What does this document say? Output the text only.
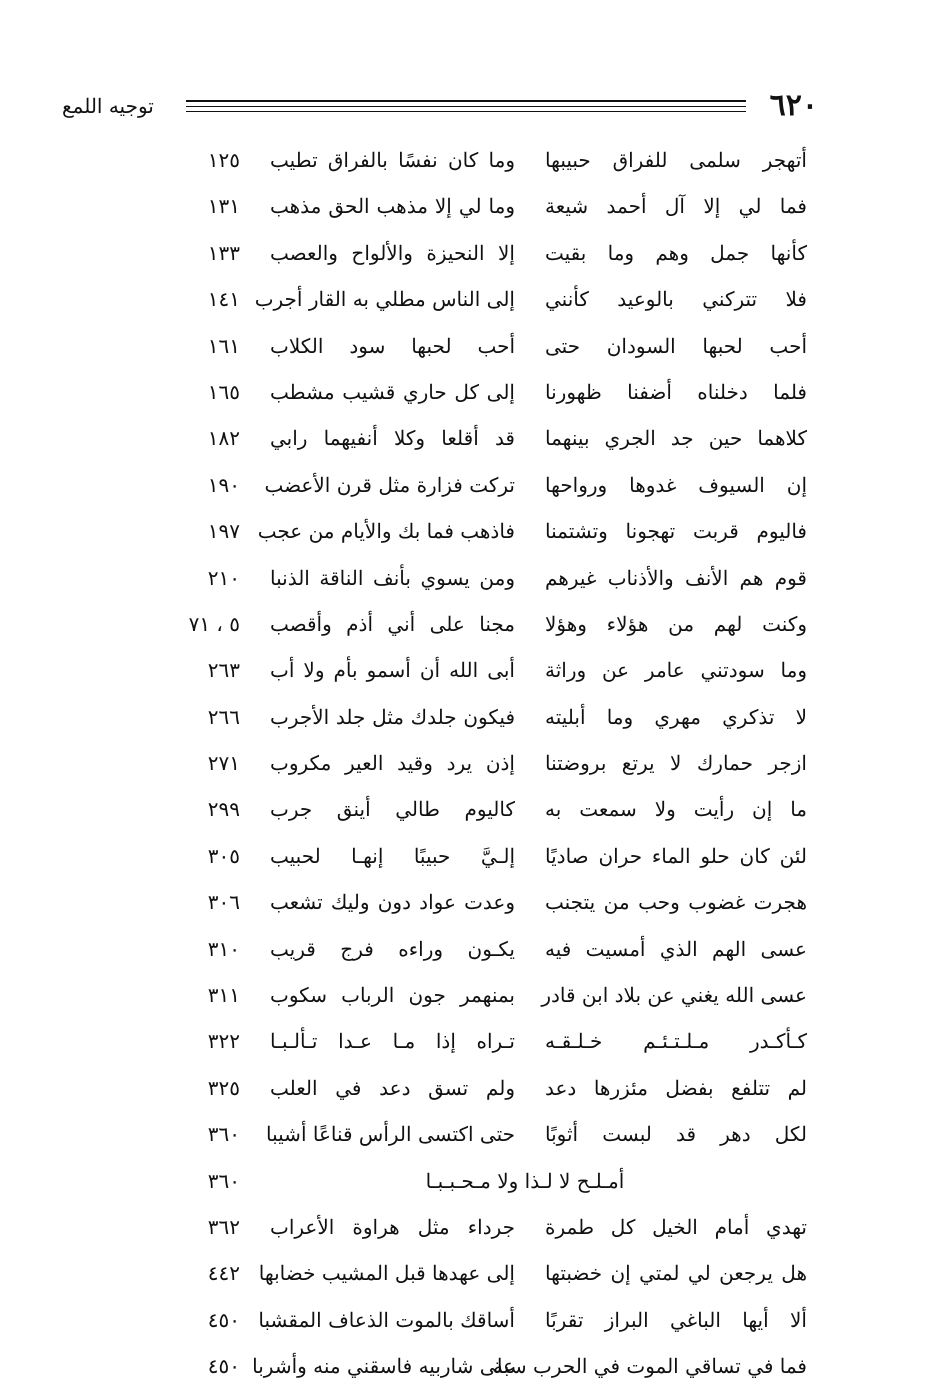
٦٢٠
توجيه اللمع
أتهجر سلمى للفراق حبيبها
وما كان نفسًا بالفراق تطيب
١٢٥
فما لي إلا آل أحمد شيعة
وما لي إلا مذهب الحق مذهب
١٣١
كأنها جمل وهم وما بقيت
إلا النحيزة والألواح والعصب
١٣٣
فلا تتركني بالوعيد كأنني
إلى الناس مطلي به القار أجرب
١٤١
أحب لحبها السودان حتى
أحب لحبها سود الكلاب
١٦١
فلما دخلناه أضفنا ظهورنا
إلى كل حاري قشيب مشطب
١٦٥
كلاهما حين جد الجري بينهما
قد أقلعا وكلا أنفيهما رابي
١٨٢
إن السيوف غدوها ورواحها
تركت فزارة مثل قرن الأعضب
١٩٠
فاليوم قربت تهجونا وتشتمنا
فاذهب فما بك والأيام من عجب
١٩٧
قوم هم الأنف والأذناب غيرهم
ومن يسوي بأنف الناقة الذنبا
٢١٠
وكنت لهم من هؤلاء وهؤلا
مجنا على أني أذم وأقصب
٥ ، ٧١
وما سودتني عامر عن وراثة
أبى الله أن أسمو بأم ولا أب
٢٦٣
لا تذكري مهري وما أبليته
فيكون جلدك مثل جلد الأجرب
٢٦٦
ازجر حمارك لا يرتع بروضتنا
إذن يرد وقيد العير مكروب
٢٧١
ما إن رأيت ولا سمعت به
كاليوم طالي أينق جرب
٢٩٩
لئن كان حلو الماء حران صاديًا
إلـيَّ حبيبًا إنهـا لحبيب
٣٠٥
هجرت غضوب وحب من يتجنب
وعدت عواد دون وليك تشعب
٣٠٦
عسى الهم الذي أمسيت فيه
يكـون وراءه فرج قريب
٣١٠
عسى الله يغني عن بلاد ابن قادر
بمنهمر جون الرباب سكوب
٣١١
كـأكـدر مـلـتـئـم خـلـقـه
تـراه إذا مـا عـدا تـألـبـا
٣٢٢
لم تتلفع بفضل مئزرها دعد
ولم تسق دعد في العلب
٣٢٥
لكل دهر قد لبست أثوبًا
حتى اكتسى الرأس قناعًا أشيبا
٣٦٠
أمـلـح لا لـذا ولا مـحـبـبـا
٣٦٠
تهدي أمام الخيل كل طمرة
جرداء مثل هراوة الأعراب
٣٦٢
هل يرجعن لي لمتي إن خضبتها
إلى عهدها قبل المشيب خضابها
٤٤٢
ألا أيها الباغي البراز تقربًا
أساقك بالموت الذعاف المقشبا
٤٥٠
فما في تساقي الموت في الحرب سبة
على شاربيه فاسقني منه وأشربا
٤٥٠
